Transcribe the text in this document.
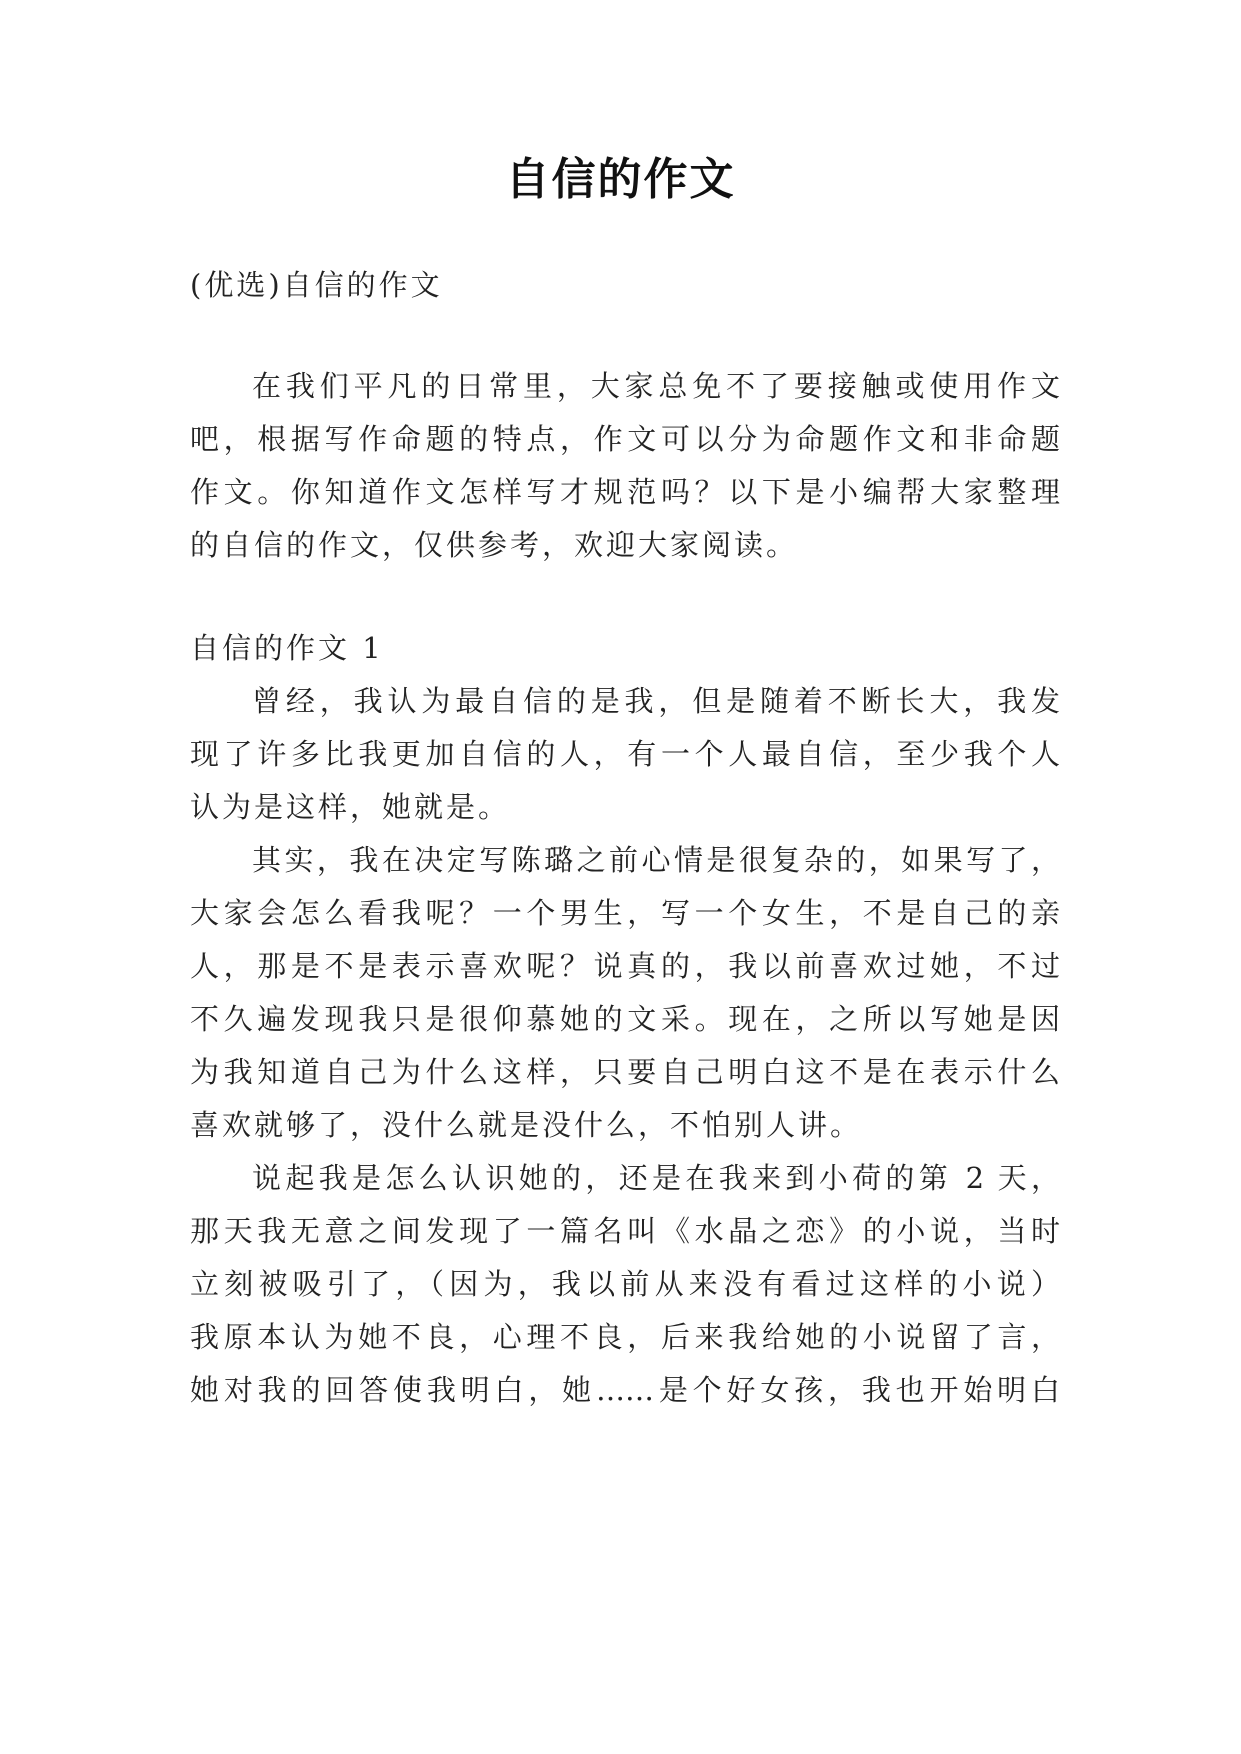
自信的作文

(优选)自信的作文

在我们平凡的日常里，大家总免不了要接触或使用作文

吧，根据写作命题的特点，作文可以分为命题作文和非命题

作文。你知道作文怎样写才规范吗？以下是小编帮大家整理

的自信的作文，仅供参考，欢迎大家阅读。

自信的作文 1

曾经，我认为最自信的是我，但是随着不断长大，我发

现了许多比我更加自信的人，有一个人最自信，至少我个人

认为是这样，她就是。

其实，我在决定写陈璐之前心情是很复杂的，如果写了，

大家会怎么看我呢？一个男生，写一个女生，不是自己的亲

人，那是不是表示喜欢呢？说真的，我以前喜欢过她，不过

不久遍发现我只是很仰慕她的文采。现在，之所以写她是因

为我知道自己为什么这样，只要自己明白这不是在表示什么

喜欢就够了，没什么就是没什么，不怕别人讲。

说起我是怎么认识她的，还是在我来到小荷的第 2 天，

那天我无意之间发现了一篇名叫《水晶之恋》的小说，当时

立刻被吸引了，（因为，我以前从来没有看过这样的小说）

我原本认为她不良，心理不良，后来我给她的小说留了言，

她对我的回答使我明白，她……是个好女孩，我也开始明白
